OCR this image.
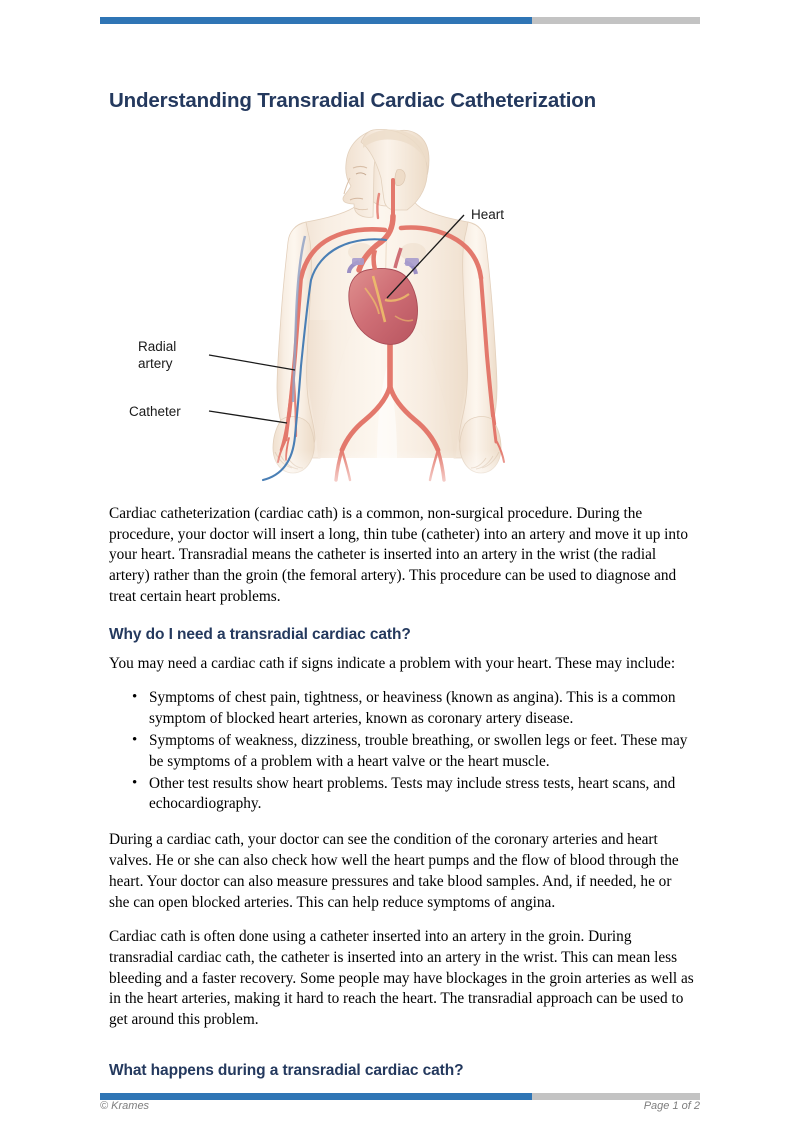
Understanding Transradial Cardiac Catheterization
Heart
Radial
artery
Catheter

Cardiac catheterization (cardiac cath) is a common, non-surgical procedure. During the procedure, your doctor will insert a long, thin tube (catheter) into an artery and move it up into your heart. Transradial means the catheter is inserted into an artery in the wrist (the radial artery) rather than the groin (the femoral artery). This procedure can be used to diagnose and treat certain heart problems.

Why do I need a transradial cardiac cath?

You may need a cardiac cath if signs indicate a problem with your heart. These may include:

• Symptoms of chest pain, tightness, or heaviness (known as angina). This is a common symptom of blocked heart arteries, known as coronary artery disease.
• Symptoms of weakness, dizziness, trouble breathing, or swollen legs or feet. These may be symptoms of a problem with a heart valve or the heart muscle.
• Other test results show heart problems. Tests may include stress tests, heart scans, and echocardiography.

During a cardiac cath, your doctor can see the condition of the coronary arteries and heart valves. He or she can also check how well the heart pumps and the flow of blood through the heart. Your doctor can also measure pressures and take blood samples. And, if needed, he or she can open blocked arteries. This can help reduce symptoms of angina.

Cardiac cath is often done using a catheter inserted into an artery in the groin. During transradial cardiac cath, the catheter is inserted into an artery in the wrist. This can mean less bleeding and a faster recovery. Some people may have blockages in the groin arteries as well as in the heart arteries, making it hard to reach the heart. The transradial approach can be used to get around this problem.

What happens during a transradial cardiac cath?
© Krames	Page 1 of 2
